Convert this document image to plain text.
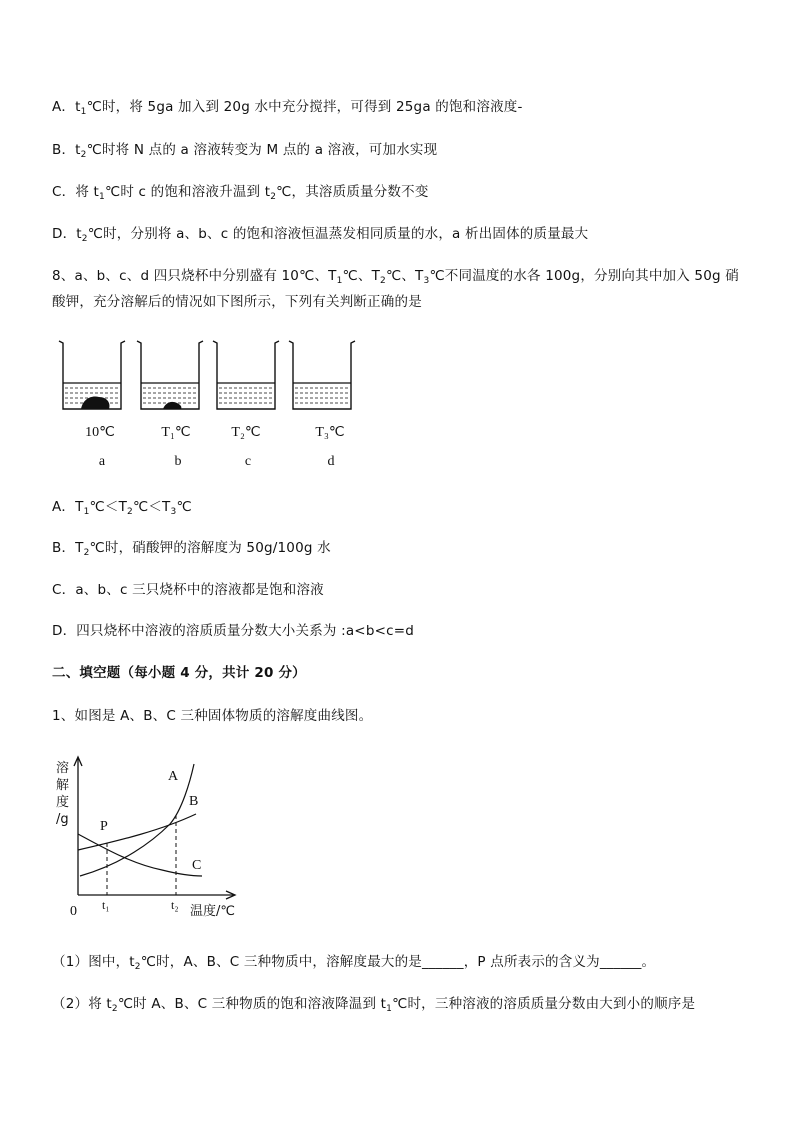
A．$t_1℃$时，将 5ga 加入到 20g 水中充分搅拌，可得到 25ga 的饱和溶液度-
B．$t_2℃$时将 N 点的 a 溶液转变为 M 点的 a 溶液，可加水实现
C．将 $t_1℃$时 c 的饱和溶液升温到 $t_2℃$，其溶质质量分数不变
D．$t_2℃$时，分别将 a、b、c 的饱和溶液恒温蒸发相同质量的水，a 析出固体的质量最大
8、a、b、c、d 四只烧杯中分别盛有 10℃、$T_1℃$、$T_2℃$、$T_3℃$不同温度的水各 100g，分别向其中加入 50g 硝
酸钾，充分溶解后的情况如下图所示，下列有关判断正确的是
10℃	T₁℃	T₂℃	T₃℃
a	b	c	d
A．$T_1℃<T_2℃<T_3℃$
B．$T_2℃$时，硝酸钾的溶解度为 50g/100g 水
C．a、b、c 三只烧杯中的溶液都是饱和溶液
D．四只烧杯中溶液的溶质质量分数大小关系为 :a<b<c=d
二、填空题（每小题 4 分，共计 20 分）
1、如图是 A、B、C 三种固体物质的溶解度曲线图。
溶
解
度
/g
A
B
C
P
0 t₁	t₂ 温度/℃
（1）图中，$t_2℃$时，A、B、C 三种物质中，溶解度最大的是______，P 点所表示的含义为______。
（2）将 $t_2℃$时 A、B、C 三种物质的饱和溶液降温到 $t_1℃$时，三种溶液的溶质质量分数由大到小的顺序是
